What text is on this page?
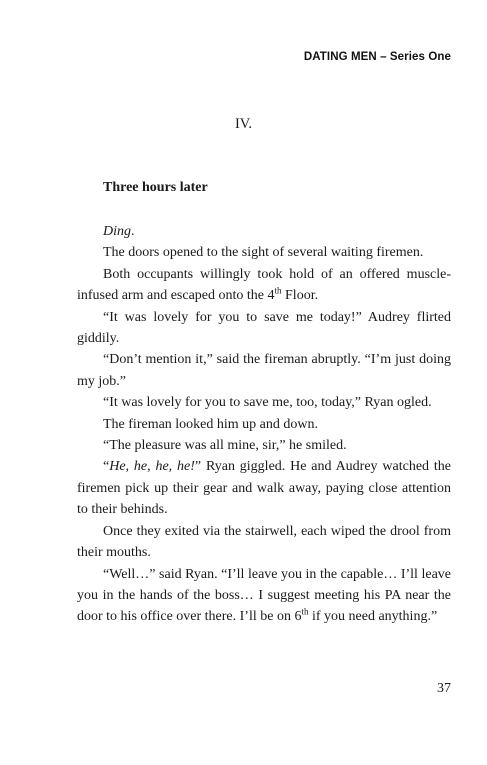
DATING MEN – Series One
IV.
Three hours later

Ding.

The doors opened to the sight of several waiting firemen.

Both occupants willingly took hold of an offered muscle-infused arm and escaped onto the 4th Floor.

“It was lovely for you to save me today!” Audrey flirted giddily.

“Don’t mention it,” said the fireman abruptly. “I’m just doing my job.”

“It was lovely for you to save me, too, today,” Ryan ogled.

The fireman looked him up and down.

“The pleasure was all mine, sir,” he smiled.

“He, he, he, he!” Ryan giggled. He and Audrey watched the firemen pick up their gear and walk away, paying close attention to their behinds.

Once they exited via the stairwell, each wiped the drool from their mouths.

“Well…” said Ryan. “I’ll leave you in the capable… I’ll leave you in the hands of the boss… I suggest meeting his PA near the door to his office over there. I’ll be on 6th if you need anything.”

37
